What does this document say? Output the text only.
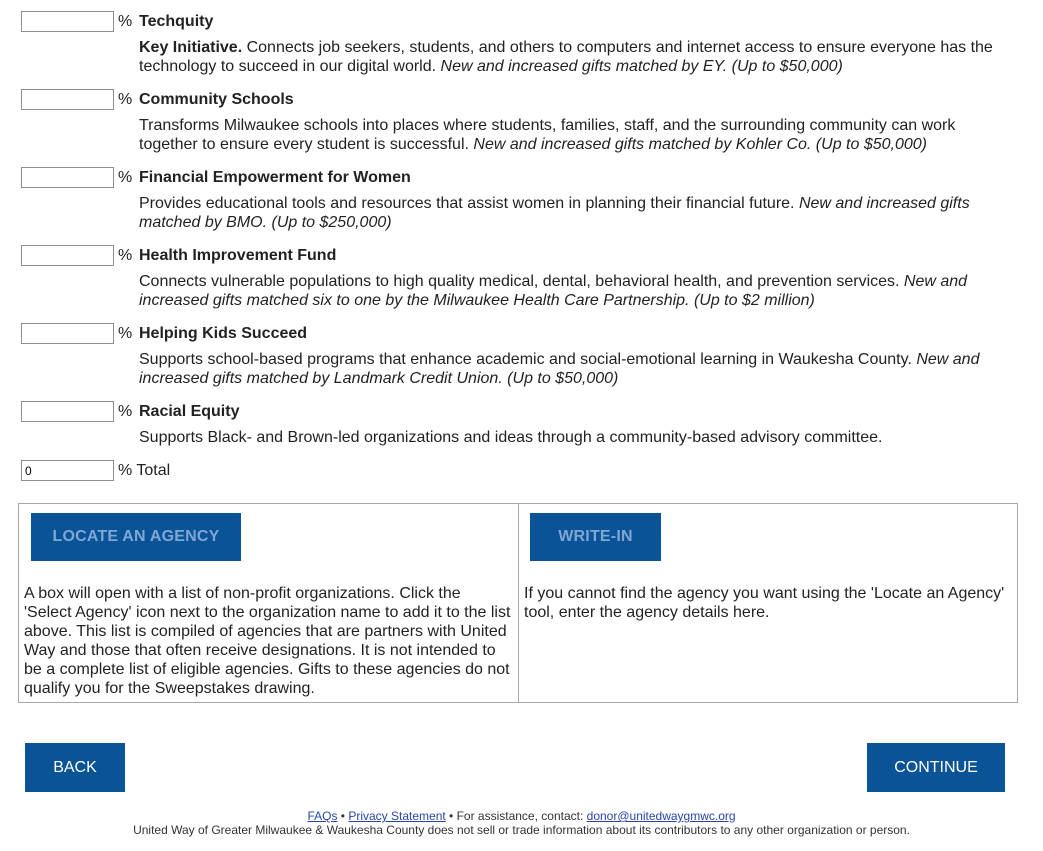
% Techquity
Key Initiative. Connects job seekers, students, and others to computers and internet access to ensure everyone has the technology to succeed in our digital world. New and increased gifts matched by EY. (Up to $50,000)
% Community Schools
Transforms Milwaukee schools into places where students, families, staff, and the surrounding community can work together to ensure every student is successful. New and increased gifts matched by Kohler Co. (Up to $50,000)
% Financial Empowerment for Women
Provides educational tools and resources that assist women in planning their financial future. New and increased gifts matched by BMO. (Up to $250,000)
% Health Improvement Fund
Connects vulnerable populations to high quality medical, dental, behavioral health, and prevention services. New and increased gifts matched six to one by the Milwaukee Health Care Partnership. (Up to $2 million)
% Helping Kids Succeed
Supports school-based programs that enhance academic and social-emotional learning in Waukesha County. New and increased gifts matched by Landmark Credit Union. (Up to $50,000)
% Racial Equity
Supports Black- and Brown-led organizations and ideas through a community-based advisory committee.
0
% Total
LOCATE AN AGENCY
A box will open with a list of non-profit organizations. Click the 'Select Agency' icon next to the organization name to add it to the list above. This list is compiled of agencies that are partners with United Way and those that often receive designations. It is not intended to be a complete list of eligible agencies. Gifts to these agencies do not qualify you for the Sweepstakes drawing.
WRITE-IN
If you cannot find the agency you want using the 'Locate an Agency' tool, enter the agency details here.
BACK	CONTINUE
FAQs • Privacy Statement • For assistance, contact: donor@unitedwaygmwc.org
United Way of Greater Milwaukee & Waukesha County does not sell or trade information about its contributors to any other organization or person.
